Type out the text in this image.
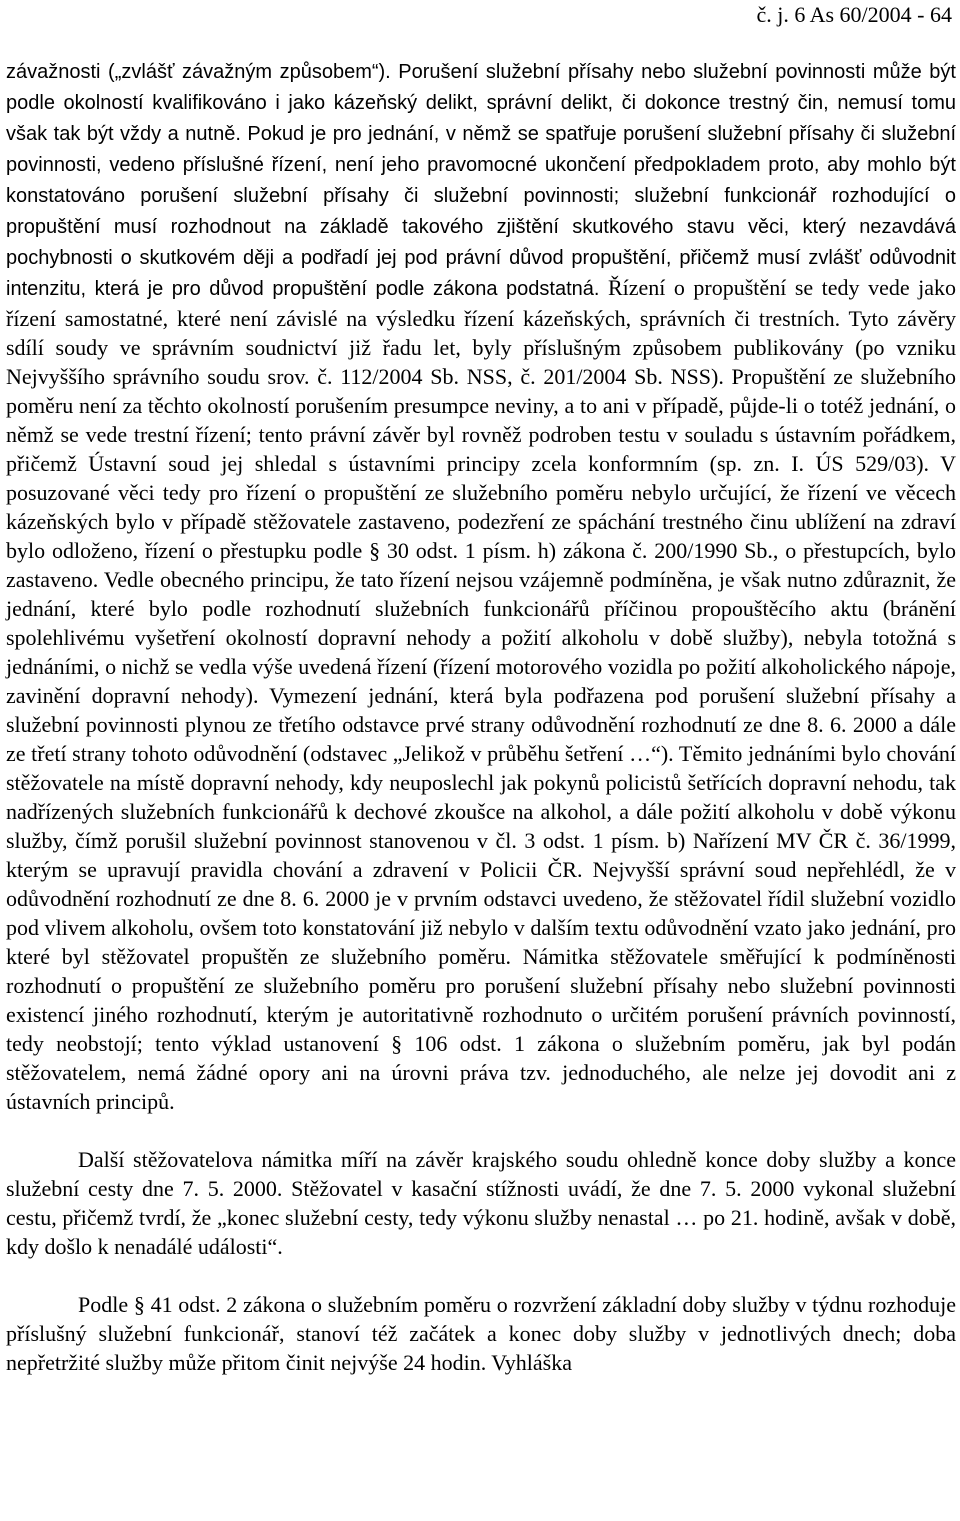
č. j. 6 As 60/2004 - 64

závažnosti („zvlášť závažným způsobem“). Porušení služební přísahy nebo služební povinnosti může být podle okolností kvalifikováno i jako kázeňský delikt, správní delikt, či dokonce trestný čin, nemusí tomu však tak být vždy a nutně. Pokud je pro jednání, v němž se spatřuje porušení služební přísahy či služební povinnosti, vedeno příslušné řízení, není jeho pravomocné ukončení předpokladem proto, aby mohlo být konstatováno porušení služební přísahy či služební povinnosti; služební funkcionář rozhodující o propuštění musí rozhodnout na základě takového zjištění skutkového stavu věci, který nezavdává pochybnosti o skutkovém ději a podřadí jej pod právní důvod propuštění, přičemž musí zvlášť odůvodnit intenzitu, která je pro důvod propuštění podle zákona podstatná. Řízení o propuštění se tedy vede jako řízení samostatné, které není závislé na výsledku řízení kázeňských, správních či trestních. Tyto závěry sdílí soudy ve správním soudnictví již řadu let, byly příslušným způsobem publikovány (po vzniku Nejvyššího správního soudu srov. č. 112/2004 Sb. NSS, č. 201/2004 Sb. NSS). Propuštění ze služebního poměru není za těchto okolností porušením presumpce neviny, a to ani v případě, půjde-li o totéž jednání, o němž se vede trestní řízení; tento právní závěr byl rovněž podroben testu v souladu s ústavním pořádkem, přičemž Ústavní soud jej shledal s ústavními principy zcela konformním (sp. zn. I. ÚS 529/03). V posuzované věci tedy pro řízení o propuštění ze služebního poměru nebylo určující, že řízení ve věcech kázeňských bylo v případě stěžovatele zastaveno, podezření ze spáchání trestného činu ublížení na zdraví bylo odloženo, řízení o přestupku podle § 30 odst. 1 písm. h) zákona č. 200/1990 Sb., o přestupcích, bylo zastaveno. Vedle obecného principu, že tato řízení nejsou vzájemně podmíněna, je však nutno zdůraznit, že jednání, které bylo podle rozhodnutí služebních funkcionářů příčinou propouštěcího aktu (bránění spolehlivému vyšetření okolností dopravní nehody a požití alkoholu v době služby), nebyla totožná s jednáními, o nichž se vedla výše uvedená řízení (řízení motorového vozidla po požití alkoholického nápoje, zavinění dopravní nehody). Vymezení jednání, která byla podřazena pod porušení služební přísahy a služební povinnosti plynou ze třetího odstavce prvé strany odůvodnění rozhodnutí ze dne 8. 6. 2000 a dále ze třetí strany tohoto odůvodnění (odstavec „Jelikož v průběhu šetření …“). Těmito jednáními bylo chování stěžovatele na místě dopravní nehody, kdy neuposlechl jak pokynů policistů šetřících dopravní nehodu, tak nadřízených služebních funkcionářů k dechové zkoušce na alkohol, a dále požití alkoholu v době výkonu služby, čímž porušil služební povinnost stanovenou v čl. 3 odst. 1 písm. b) Nařízení MV ČR č. 36/1999, kterým se upravují pravidla chování a zdravení v Policii ČR. Nejvyšší správní soud nepřehlédl, že v odůvodnění rozhodnutí ze dne 8. 6. 2000 je v prvním odstavci uvedeno, že stěžovatel řídil služební vozidlo pod vlivem alkoholu, ovšem toto konstatování již nebylo v dalším textu odůvodnění vzato jako jednání, pro které byl stěžovatel propuštěn ze služebního poměru. Námitka stěžovatele směřující k podmíněnosti rozhodnutí o propuštění ze služebního poměru pro porušení služební přísahy nebo služební povinnosti existencí jiného rozhodnutí, kterým je autoritativně rozhodnuto o určitém porušení právních povinností, tedy neobstojí; tento výklad ustanovení § 106 odst. 1 zákona o služebním poměru, jak byl podán stěžovatelem, nemá žádné opory ani na úrovni práva tzv. jednoduchého, ale nelze jej dovodit ani z ústavních principů.

Další stěžovatelova námitka míří na závěr krajského soudu ohledně konce doby služby a konce služební cesty dne 7. 5. 2000. Stěžovatel v kasační stížnosti uvádí, že dne 7. 5. 2000 vykonal služební cestu, přičemž tvrdí, že „konec služební cesty, tedy výkonu služby nenastal … po 21. hodině, avšak v době, kdy došlo k nenadálé události“.

Podle § 41 odst. 2 zákona o služebním poměru o rozvržení základní doby služby v týdnu rozhoduje příslušný služební funkcionář, stanoví též začátek a konec doby služby v jednotlivých dnech; doba nepřetržité služby může přitom činit nejvýše 24 hodin. Vyhláška
